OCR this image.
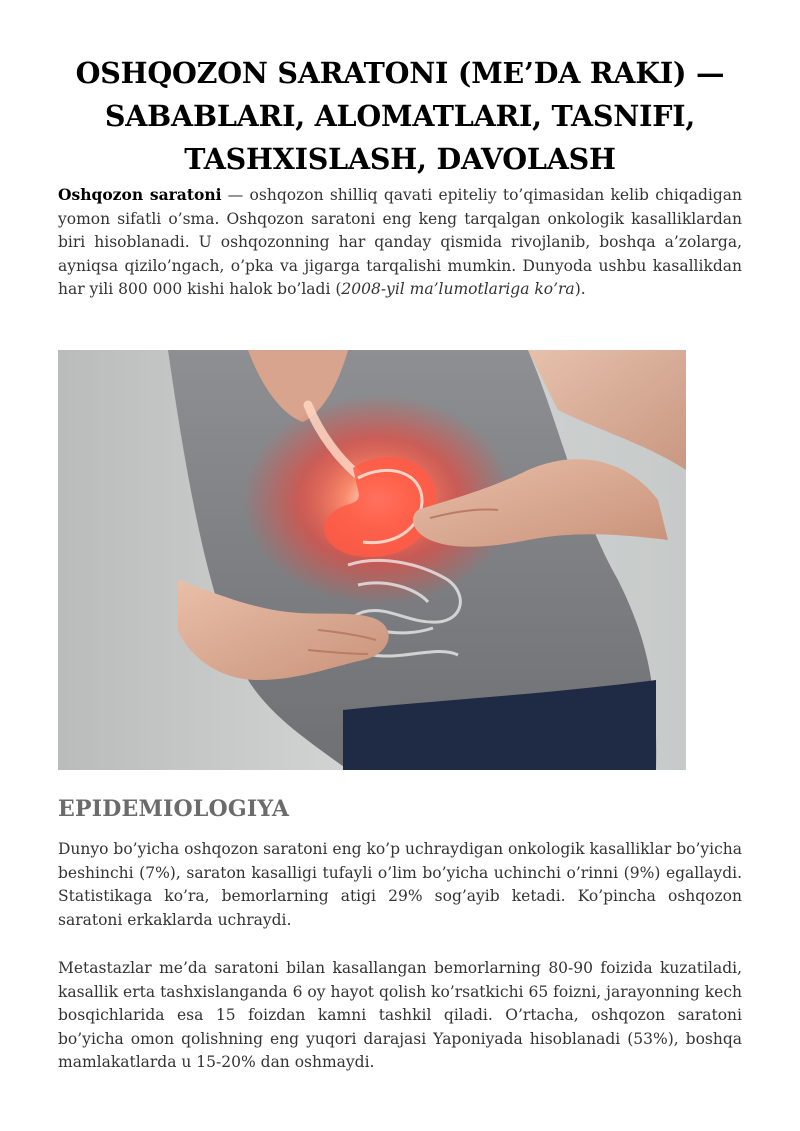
OSHQOZON SARATONI (ME’DA RAKI) — SABABLARI, ALOMATLARI, TASNIFI, TASHXISLASH, DAVOLASH

Oshqozon saratoni — oshqozon shilliq qavati epiteliy to’qimasidan kelib chiqadigan yomon sifatli o’sma. Oshqozon saratoni eng keng tarqalgan onkologik kasalliklardan biri hisoblanadi. U oshqozonning har qanday qismida rivojlanib, boshqa a’zolarga, ayniqsa qizilo’ngach, o’pka va jigarga tarqalishi mumkin. Dunyoda ushbu kasallikdan har yili 800 000 kishi halok bo’ladi (2008-yil ma’lumotlariga ko’ra).

EPIDEMIOLOGIYA

Dunyo bo’yicha oshqozon saratoni eng ko’p uchraydigan onkologik kasalliklar bo’yicha beshinchi (7%), saraton kasalligi tufayli o’lim bo’yicha uchinchi o’rinni (9%) egallaydi. Statistikaga ko’ra, bemorlarning atigi 29% sog’ayib ketadi. Ko’pincha oshqozon saratoni erkaklarda uchraydi.

Metastazlar me’da saratoni bilan kasallangan bemorlarning 80-90 foizida kuzatiladi, kasallik erta tashxislanganda 6 oy hayot qolish ko’rsatkichi 65 foizni, jarayonning kech bosqichlarida esa 15 foizdan kamni tashkil qiladi. O’rtacha, oshqozon saratoni bo’yicha omon qolishning eng yuqori darajasi Yaponiyada hisoblanadi (53%), boshqa mamlakatlarda u 15-20% dan oshmaydi.
